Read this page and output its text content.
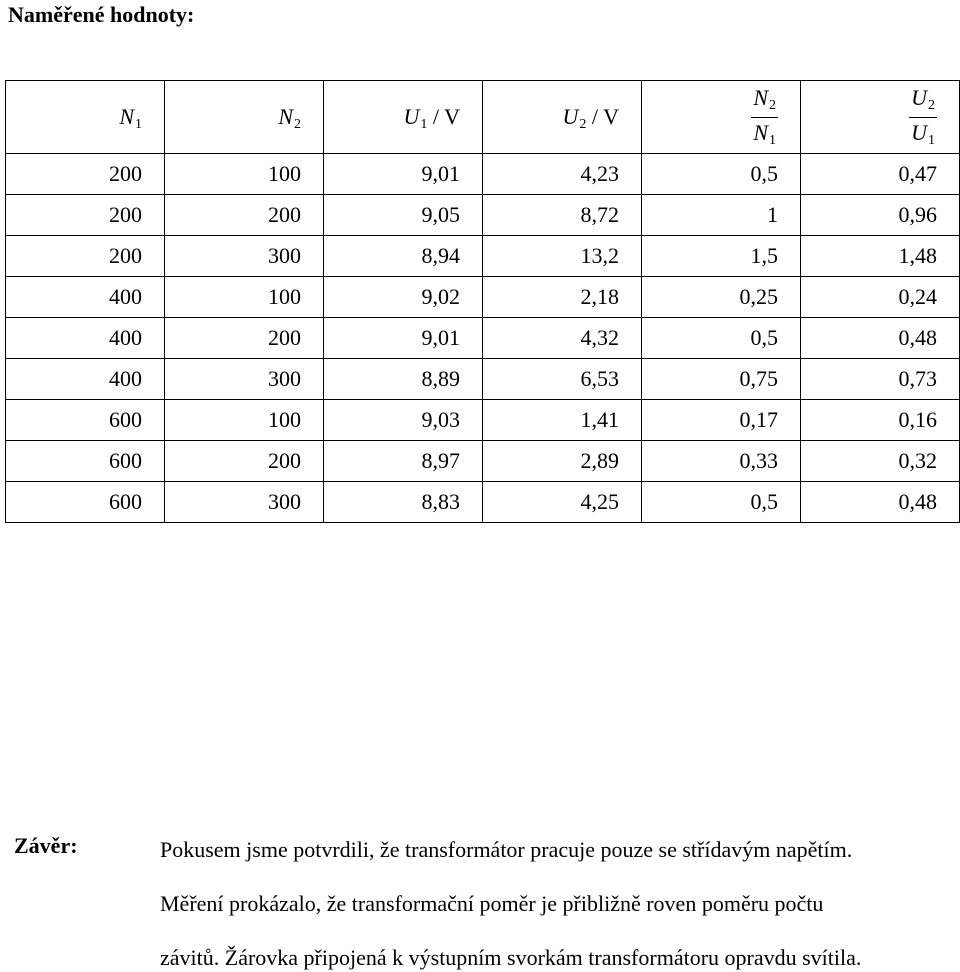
Naměřené hodnoty:
N1	N2	U1 / V	U2 / V	$\frac{N2}{N1}$	$\frac{U2}{U1}$

200	100	9,01	4,23	0,5	0,47
200	200	9,05	8,72	1	0,96
200	300	8,94	13,2	1,5	1,48
400	100	9,02	2,18	0,25	0,24
400	200	9,01	4,32	0,5	0,48
400	300	8,89	6,53	0,75	0,73
600	100	9,03	1,41	0,17	0,16
600	200	8,97	2,89	0,33	0,32
600	300	8,83	4,25	0,5	0,48
Závěr:	Pokusem jsme potvrdili, že transformátor pracuje pouze se střídavým napětím.

Měření prokázalo, že transformační poměr je přibližně roven poměru počtu

závitů. Žárovka připojená k výstupním svorkám transformátoru opravdu svítila.
